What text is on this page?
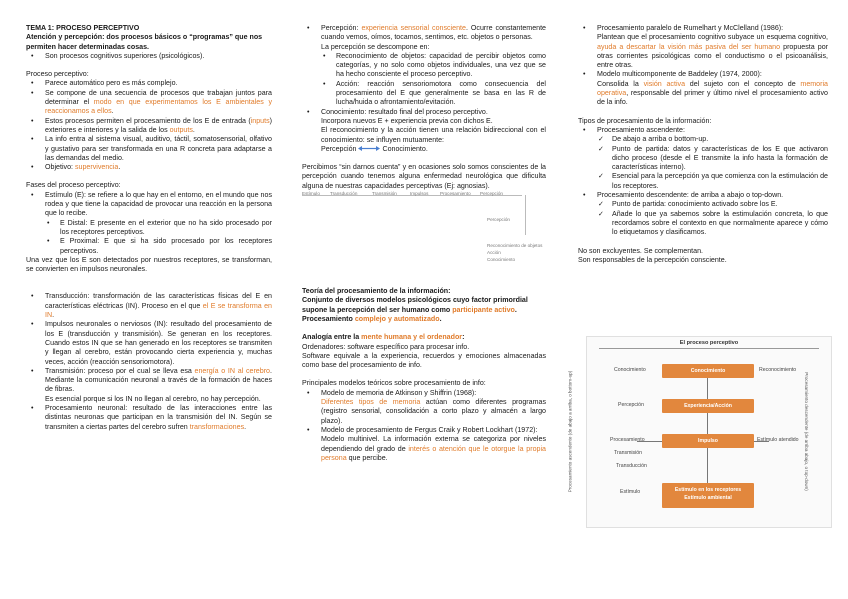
TEMA 1: PROCESO PERCEPTIVO

Atención y percepción: dos procesos básicos o “programas” que nos permiten hacer determinadas cosas.

• Son procesos cognitivos superiores (psicológicos).

Proceso perceptivo:

• Parece automático pero es más complejo.
• Se compone de una secuencia de procesos que trabajan juntos para determinar el modo en que experimentamos los E ambientales y reaccionamos a ellos.
• Estos procesos permiten el procesamiento de los E de entrada (inputs) exteriores e interiores y la salida de los outputs.
• La info entra al sistema visual, auditivo, táctil, somatosensorial, olfativo y gustativo para ser transformada en una R concreta para adaptarse a las demandas del medio.
• Objetivo: supervivencia.

Fases del proceso perceptivo:

• Estímulo (E): se refiere a lo que hay en el entorno, en el mundo que nos rodea y que tiene la capacidad de provocar una reacción en la persona que lo recibe.
• E Distal: E presente en el exterior que no ha sido procesado por los receptores perceptivos.
• E Proximal: E que si ha sido procesado por los receptores perceptivos.

Una vez que los E son detectados por nuestros receptores, se transforman, se convierten en impulsos neuronales.

• Transducción: transformación de las características físicas del E en características eléctricas (IN). Proceso en el que el E se transforma en IN.
• Impulsos neuronales o nerviosos (IN): resultado del procesamiento de los E (transducción y transmisión). Se generan en los receptores. Cuando estos IN que se han generado en los receptores se transmiten y llegan al cerebro, están provocando cierta experiencia y, muchas veces, acción (reacción sensoriomotora).
• Transmisión: proceso por el cual se lleva esa energía o IN al cerebro. Mediante la comunicación neuronal a través de la formación de haces de fibras.
Es esencial porque si los IN no llegan al cerebro, no hay percepción.
• Procesamiento neuronal: resultado de las interacciones entre las distintas neuronas que participan en la transmisión del IN. Según se transmiten a ciertas partes del cerebro sufren transformaciones.
• Percepción: experiencia sensorial consciente. Ocurre constantemente cuando vemos, oímos, tocamos, sentimos, etc. objetos o personas.
La percepción se descompone en:
• Reconocimiento de objetos: capacidad de percibir objetos como categorías, y no solo como objetos individuales, una vez que se ha hecho consciente el proceso perceptivo.
• Acción: reacción sensoriomotora como consecuencia del procesamiento del E que generalmente se basa en las R de lucha/huida o afrontamiento/evitación.
• Conocimiento: resultado final del proceso perceptivo.
Incorpora nuevos E + experiencia previa con dichos E.
El reconocimiento y la acción tienen una relación bidireccional con el conocimiento: se influyen mutuamente:
Percepción	Conocimiento.

Percibimos “sin darnos cuenta” y en ocasiones solo somos conscientes de la percepción cuando tenemos alguna enfermedad neurológica que dificulta alguna de nuestras capacidades perceptivas (Ej: agnosias).

Estímulo Transducción	Transmisión	Impulsos	Procesamiento Percepción
Percepción
Reconocimiento de objetos
Acción
Conocimiento

Teoría del procesamiento de la información:

Conjunto de diversos modelos psicológicos cuyo factor primordial supone la percepción del ser humano como participante activo.

Procesamiento complejo y automatizado.

Analogía entre la mente humana y el ordenador:

Ordenadores: software específico para procesar info.

Software equivale a la experiencia, recuerdos y emociones almacenadas como base del procesamiento de info.

Principales modelos teóricos sobre procesamiento de info:

• Modelo de memoria de Atkinson y Shiffrin (1968):
Diferentes tipos de memoria actúan como diferentes programas (registro sensorial, consolidación a corto plazo y almacén a largo plazo).
• Modelo de procesamiento de Fergus Craik y Robert Lockhart (1972):
Modelo multinivel. La información externa se categoriza por niveles dependiendo del grado de interés o atención que le otorgue la propia persona que percibe.
• Procesamiento paralelo de Rumelhart y McClelland (1986):
Plantean que el procesamiento cognitivo subyace un esquema cognitivo, ayuda a descartar la visión más pasiva del ser humano propuesta por otras corrientes psicológicas como el conductismo o el psicoanálisis, entre otras.
• Modelo multicomponente de Baddeley (1974, 2000):
Consolida la visión activa del sujeto con el concepto de memoria operativa, responsable del primer y último nivel el procesamiento activo de la info.

Tipos de procesamiento de la información:

• Procesamiento ascendente:
✓ De abajo a arriba o bottom-up.
✓ Punto de partida: datos y características de los E que activaron dicho proceso (desde el E transmite la info hasta la formación de características interno).
✓ Esencial para la percepción ya que comienza con la estimulación de los receptores.
• Procesamiento descendente: de arriba a abajo o top-down.
✓ Punto de partida: conocimiento activado sobre los E.
✓ Añade lo que ya sabemos sobre la estimulación concreta, lo que recordamos sobre el contexto en que normalmente aparece y cómo lo etiquetamos y clasificamos.

No son excluyentes. Se complementan.

Son responsables de la percepción consciente.

El proceso perceptivo
Conocimiento
Experiencia/Acción
Impulso
Estímulo en los receptores
Estímulo ambiental
Conocimiento
Percepción
Procesamiento
Transmisión
Transducción
Estímulo
Reconocimiento
Estímulo atendido
Procesamiento ascendente (de abajo a arriba, o bottom-up)	Procesamiento descendente (de arriba abajo, o top-down)
